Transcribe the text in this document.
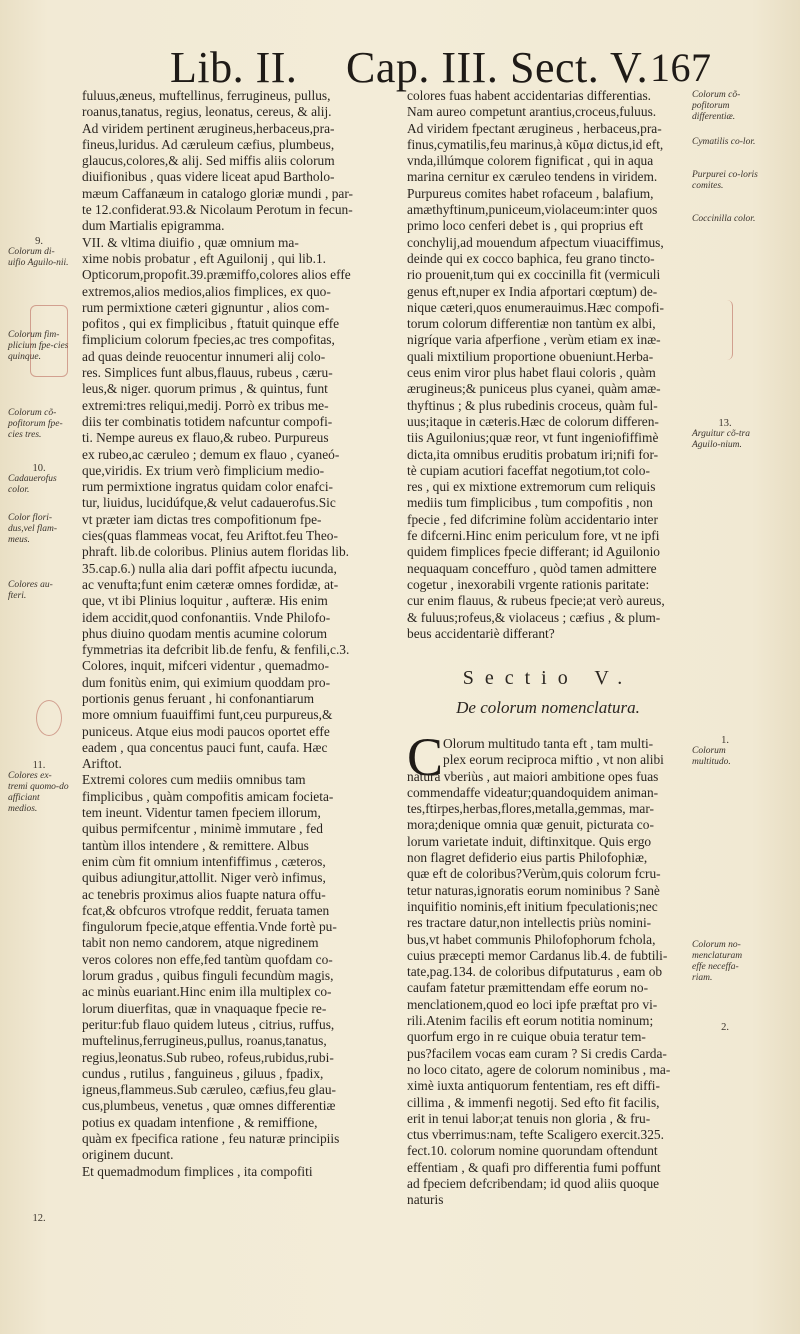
Lib. II. Cap. III. Sect. V. 167
fuluus,æneus, muftellinus, ferrugineus, pullus,
roanus,tanatus, regius, leonatus, cereus, & alij.
Ad viridem pertinent ærugineus,herbaceus,pra-
finеus,luridus. Ad cæruleum cæfius, plumbeus,
glaucus,colores,& alij. Sed miffis aliis colorum
diuifionibus , quas videre liceat apud Bartholo-
mæum Caffanæum in catalogo gloriæ mundi , par-
te 12.confiderat.93.& Nicolaum Perotum in fecun-
dum Martialis epigramma.
VII. & vltima diuifio , quæ omnium ma-
xime nobis probatur , eft Aguilonij , qui lib.1.
Opticorum,propofit.39.præmiffo,colores alios effe
extremos,alios medios,alios fimplices, ex quo-
rum permixtione cæteri gignuntur , alios com-
pofitos , qui ex fimplicibus , ftatuit quinque effe
fimplicium colorum fpecies,ac tres compofitas,
ad quas deinde reuocentur innumeri alij colo-
res. Simplices funt albus,flauus, rubeus , cæru-
leus,& niger. quorum primus , & quintus, funt
extremi:tres reliqui,medij. Porrò ex tribus me-
diis ter combinatis totidem nafcuntur compofi-
ti. Nempe aureus ex flauo,& rubeo. Purpureus
ex rubeo,ac cæruleo ; demum ex flauo , cyaneó-
que,viridis. Ex trium verò fimplicium medio-
rum permixtione ingratus quidam color enafci-
tur, liuidus, lucidúfque,& velut cadauerofus.Sic
vt præter iam dictas tres compofitionum fpe-
cies(quas flammeas vocat, feu Ariftot.feu Theo-
phraft. lib.de coloribus. Plinius autem floridas lib.
35.cap.6.) nulla alia dari poffit afpectu iucunda,
ac venufta;funt enim cæteræ omnes fordidæ, at-
que, vt ibi Plinius loquitur , aufteræ. His enim
idem accidit,quod confonantiis. Vnde Philofo-
phus diuino quodam mentis acumine colorum
fymmetrias ita defcribit lib.de fenfu, & fenfili,c.3.
Colores, inquit, mifceri videntur , quemadmo-
dum fonitùs enim, qui eximium quoddam pro-
portionis genus feruant , hi confonantiarum
more omnium fuauiffimi funt,ceu purpureus,&
puniceus. Atque eius modi paucos oportet effe
eadem , qua concentus pauci funt, caufa. Hæc
Ariftot.
Extremi colores cum mediis omnibus tam
fimplicibus , quàm compofitis amicam focieta-
tem ineunt. Videntur tamen fpeciem illorum,
quibus permifcentur , minimè immutare , fed
tantùm illos intendere , & remittere. Albus
enim cùm fit omnium intenfiffimus , cæteros,
quibus adiungitur,attollit. Niger verò infimus,
ac tenebris proximus alios fuapte natura offu-
fcat,& obfcuros vtrofque reddit, feruata tamen
fingulorum fpecie,atque effentia.Vnde fortè pu-
tabit non nemo candorem, atque nigredinem
veros colores non effe,fed tantùm quofdam co-
lorum gradus , quibus finguli fecundùm magis,
ac minùs euariant.Hinc enim illa multiplex co-
lorum diuerfitas, quæ in vnaquaque fpecie re-
peritur:fub flauo quidem luteus , citrius, ruffus,
muftelinus,ferrugineus,pullus, roanus,tanatus,
regius,leonatus.Sub rubeo, rofeus,rubidus,rubi-
cundus , rutilus , fanguineus , giluus , fpadix,
igneus,flammeus.Sub cæruleo, cæfius,feu glau-
cus,plumbeus, venetus , quæ omnes differentiæ
potius ex quadam intenfione , & remiffione,
quàm ex fpecifica ratione , feu naturæ principiis
originem ducunt.
Et quemadmodum fimplices , ita compofiti
colores fuas habent accidentarias differentias.
Nam aureo competunt arantius,croceus,fuluus.
Ad viridem fpectant ærugineus , herbaceus,pra-
finus,cymatilis,feu marinus,à κῦμα dictus,id eft,
vnda,illúmque colorem fignificat , qui in aqua
marina cernitur ex cæruleo tendens in viridem.
Purpureus comites habet rofaceum , balafium,
amæthyftinum,puniceum,violaceum:inter quos
primo loco cenferi debet is , qui proprius eft
conchylij,ad mouendum afpectum viuaciffimus,
deinde qui ex cocco baphica, feu grano tincto-
rio prouenit,tum qui ex coccinilla fit (vermiculi
genus eft,nuper ex India afportari cœptum) de-
nique cæteri,quos enumerauimus.Hæc compofi-
torum colorum differentiæ non tantùm ex albi,
nigríque varia afperfione , verùm etiam ex inæ-
quali mixtilium proportione obueniunt.Herba-
ceus enim viror plus habet flaui coloris , quàm
ærugineus;& puniceus plus cyanei, quàm amæ-
thyftinus ; & plus rubedinis croceus, quàm ful-
uus;itaque in cæteris.Hæc de colorum differen-
tiis Aguilonius;quæ reor, vt funt ingeniofiffimè
dicta,ita omnibus eruditis probatum iri;nifi for-
tè cupiam acutiori faceffat negotium,tot colo-
res , qui ex mixtione extremorum cum reliquis
mediis tum fimplicibus , tum compofitis , non
fpecie , fed difcrimine folùm accidentario inter
fe difcerni.Hinc enim periculum fore, vt ne ipfi
quidem fimplices fpecie differant; id Aguilonio
nequaquam conceffuro , quòd tamen admittere
cogetur , inexorabili vrgente rationis paritate:
cur enim flauus, & rubeus fpecie;at verò aureus,
& fuluus;rofeus,& violaceus ; cæfius , & plum-
beus accidentariè differant?
Sectio V.
De colorum nomenclatura.
C Olorum multitudo tanta eft , tam multi-
plex eorum reciproca miftio , vt non alibi
natura vberiùs , aut maiori ambitione opes fuas
commendaffe videatur;quandoquidem animan-
tes,ftirpes,herbas,flores,metalla,gemmas, mar-
mora;denique omnia quæ genuit, picturata co-
lorum varietate induit, diftinxitque. Quis ergo
non flagret defiderio eius partis Philofophiæ,
quæ eft de coloribus?Verùm,quis colorum fcru-
tetur naturas,ignoratis eorum nominibus ? Sanè
inquifitio nominis,eft initium fpeculationis;nec
res tractare datur,non intellectis priùs nomini-
bus,vt habet communis Philofophorum fchola,
cuius præcepti memor Cardanus lib.4. de fubtili-
tate,pag.134. de coloribus difputaturus , eam ob
caufam fatetur præmittendam effe eorum no-
menclationem,quod eo loci ipfe præftat pro vi-
rili.Atenim facilis eft eorum notitia nominum;
quorfum ergo in re cuique obuia teratur tem-
pus?facilem vocas eam curam ? Si credis Carda-
no loco citato, agere de colorum nominibus , ma-
ximè iuxta antiquorum fententiam, res eft diffi-
cillima , & immenfi negotij. Sed efto fit facilis,
erit in tenui labor;at tenuis non gloria , & fru-
ctus vberrimus:nam, tefte Scaligero exercit.325.
fect.10. colorum nomine quorundam oftendunt
effentiam , & quafi pro differentia fumi poffunt
ad fpeciem defcribendam; id quod aliis quoque
naturis
9.
Colorum di-uifio Aguilo-nii.
Colorum fim-plicium fpe-cies quinque.
Colorum cõ-pofitorum fpe-cies tres.
10.
Cadauerofus color.
Color flori-dus,vel flam-meus.
Colores au-fteri.
11.
Colores ex-tremi quomo-do afficiant medios.
12.
Colorum cõ-pofitorum differentiæ.
Cymatilis co-lor.
Purpurei co-loris comites.
Coccinilla color.
13.
Arguitur cõ-tra Aguilo-nium.
1.
Colorum multitudo.
Colorum no-menclaturam effe neceffa-riam.
2.
